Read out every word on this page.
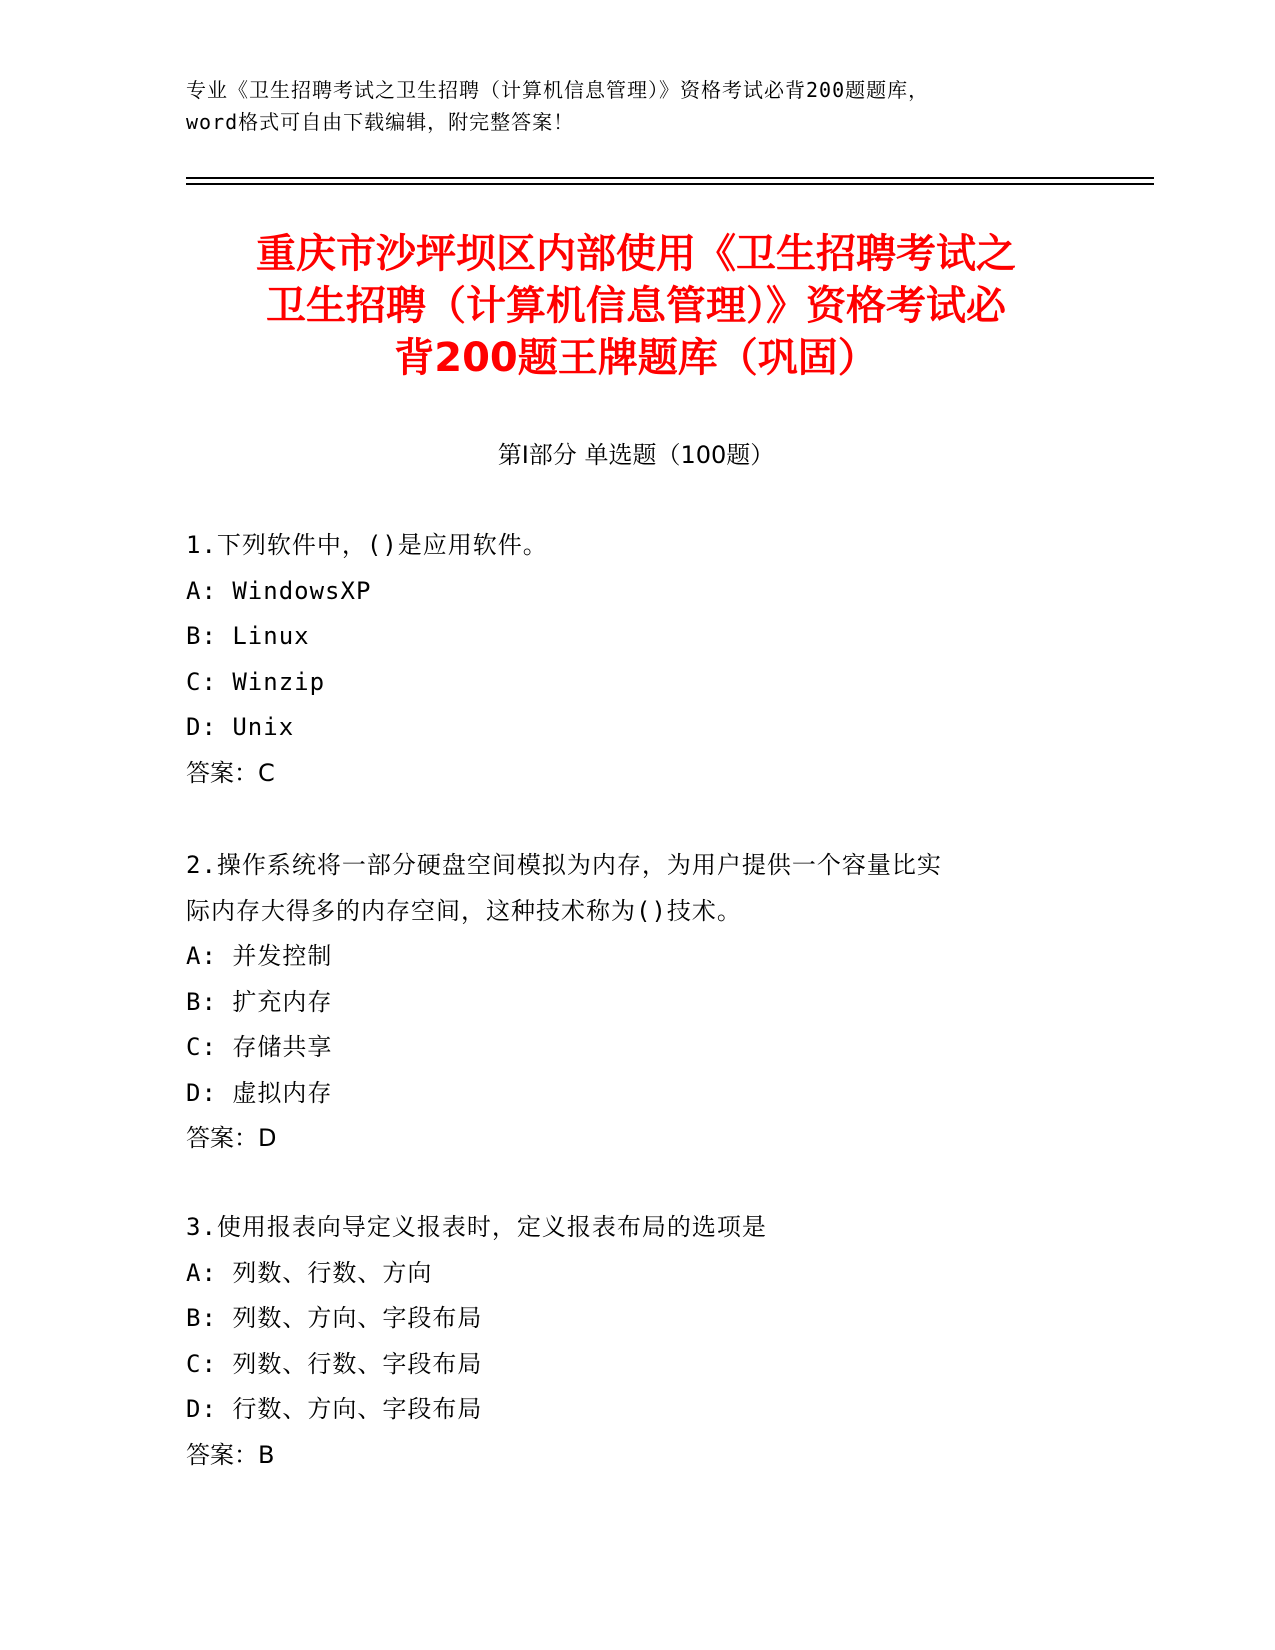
专业《卫生招聘考试之卫生招聘（计算机信息管理）》资格考试必背200题题库，
word格式可自由下载编辑，附完整答案！
重庆市沙坪坝区内部使用《卫生招聘考试之
卫生招聘（计算机信息管理）》资格考试必
背200题王牌题库（巩固）
第Ⅰ部分 单选题（100题）
1.下列软件中，()是应用软件。
A: WindowsXP
B: Linux
C: Winzip
D: Unix
答案：C
2.操作系统将一部分硬盘空间模拟为内存，为用户提供一个容量比实
际内存大得多的内存空间，这种技术称为()技术。
A: 并发控制
B: 扩充内存
C: 存储共享
D: 虚拟内存
答案：D
3.使用报表向导定义报表时，定义报表布局的选项是
A: 列数、行数、方向
B: 列数、方向、字段布局
C: 列数、行数、字段布局
D: 行数、方向、字段布局
答案：B
